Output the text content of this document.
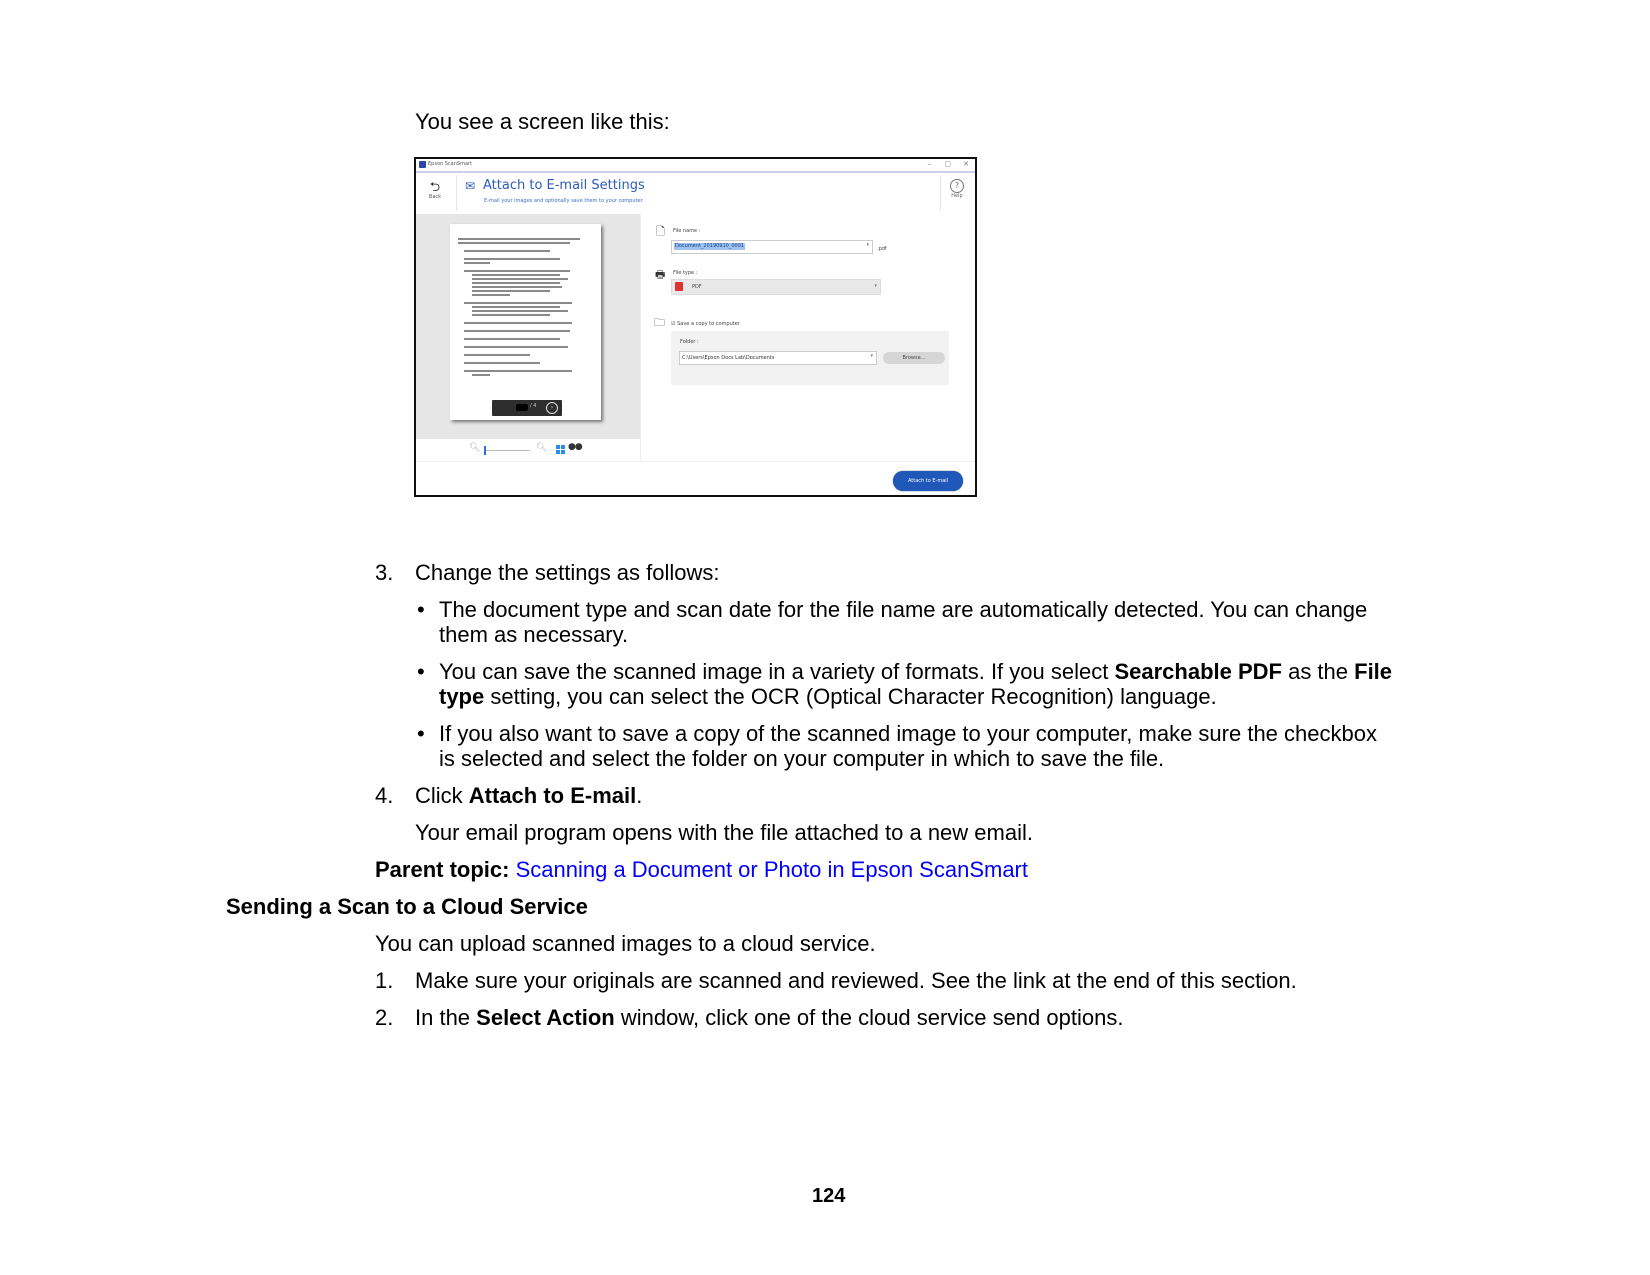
You see a screen like this:
Epson ScanSmart	– ▢ ✕
⮌
Back
✉ Attach to E-mail Settings
E-mail your images and optionally save them to your computer.
?
Help
/ 4	›
🔍︎	🔍︎ ●●
🗋 File name :
Document_20190910_0001	▾
.pdf
🖶︎ File type :
PDF	▾
🗀︎ ☑ Save a copy to computer
Folder :
C:\Users\Epson Docs Lab\Documents	▾	Browse...
Attach to E-mail
3. Change the settings as follows:
• The document type and scan date for the file name are automatically detected. You can change
them as necessary.
• You can save the scanned image in a variety of formats. If you select Searchable PDF as the File
type setting, you can select the OCR (Optical Character Recognition) language.
• If you also want to save a copy of the scanned image to your computer, make sure the checkbox
is selected and select the folder on your computer in which to save the file.
4. Click Attach to E-mail.
Your email program opens with the file attached to a new email.
Parent topic: Scanning a Document or Photo in Epson ScanSmart
Sending a Scan to a Cloud Service
You can upload scanned images to a cloud service.
1. Make sure your originals are scanned and reviewed. See the link at the end of this section.
2. In the Select Action window, click one of the cloud service send options.
124
